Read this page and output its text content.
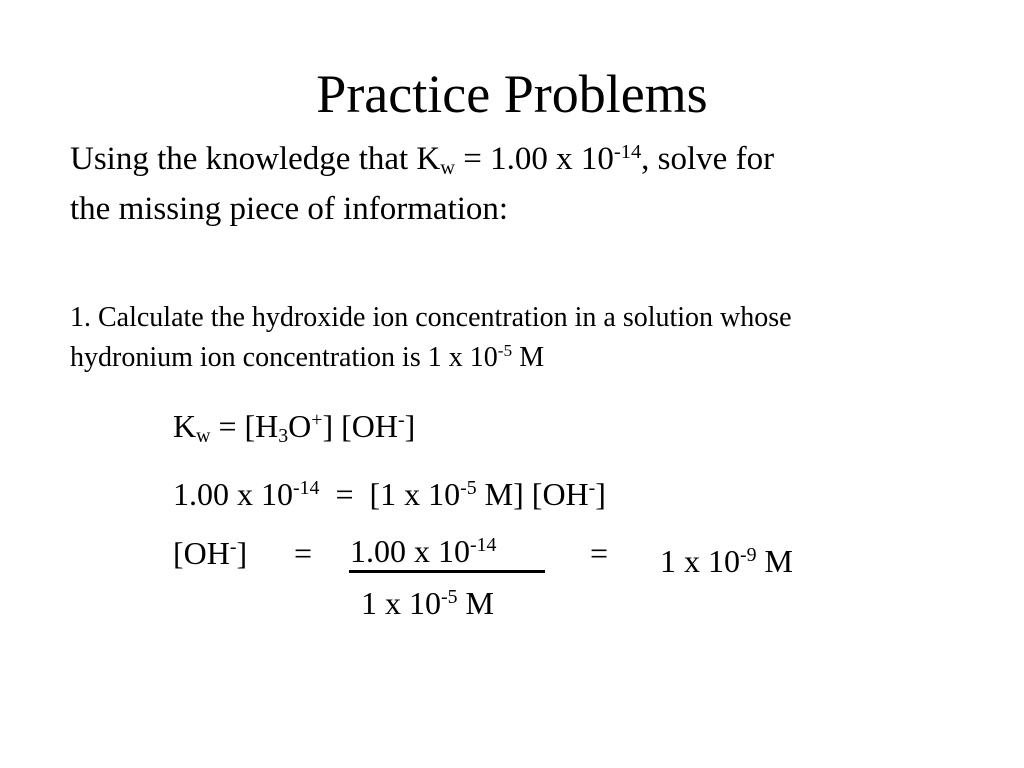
Practice Problems
Using the knowledge that $K_w = 1.00$ x $10^{-14}$, solve for
the missing piece of information:
1. Calculate the hydroxide ion concentration in a solution whose
hydronium ion concentration is 1 x $10^{-5}$ M
$K_w = [H_3O^+]$ [OH-]
1.00 x $10^{-14} = [1$ x $10^{-5}$ M] [OH-]
[OH-] = 1.00 x $10^{-14}$
1 x $10^{-5}$ M
= 1 x $10^{-9}$ M
